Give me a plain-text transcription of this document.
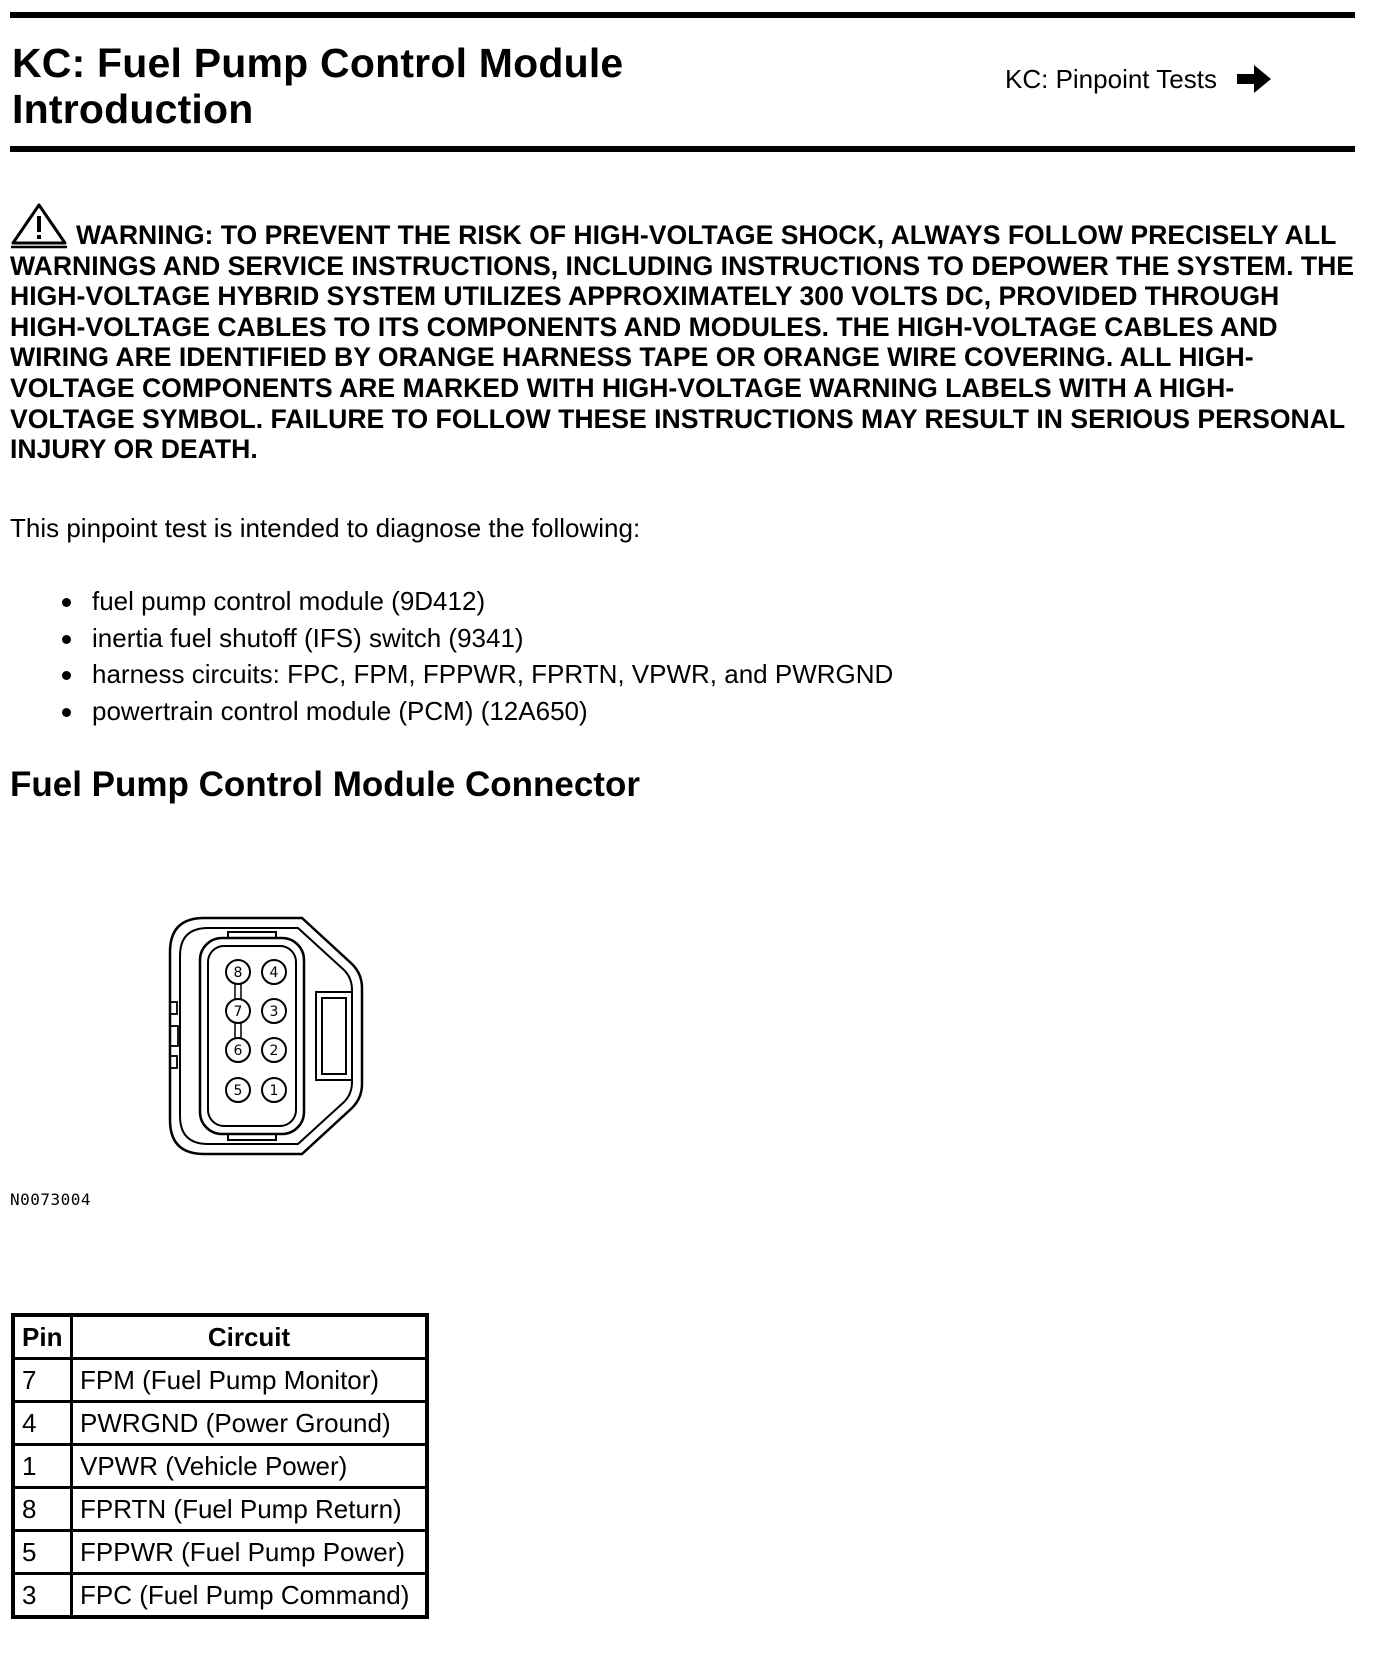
KC: Fuel Pump Control Module
Introduction
KC: Pinpoint Tests

WARNING: TO PREVENT THE RISK OF HIGH-VOLTAGE SHOCK, ALWAYS FOLLOW PRECISELY ALL WARNINGS AND SERVICE INSTRUCTIONS, INCLUDING INSTRUCTIONS TO DEPOWER THE SYSTEM. THE HIGH-VOLTAGE HYBRID SYSTEM UTILIZES APPROXIMATELY 300 VOLTS DC, PROVIDED THROUGH HIGH-VOLTAGE CABLES TO ITS COMPONENTS AND MODULES. THE HIGH-VOLTAGE CABLES AND WIRING ARE IDENTIFIED BY ORANGE HARNESS TAPE OR ORANGE WIRE COVERING. ALL HIGH-VOLTAGE COMPONENTS ARE MARKED WITH HIGH-VOLTAGE WARNING LABELS WITH A HIGH-VOLTAGE SYMBOL. FAILURE TO FOLLOW THESE INSTRUCTIONS MAY RESULT IN SERIOUS PERSONAL INJURY OR DEATH.

This pinpoint test is intended to diagnose the following:

fuel pump control module (9D412)
inertia fuel shutoff (IFS) switch (9341)
harness circuits: FPC, FPM, FPPWR, FPRTN, VPWR, and PWRGND
powertrain control module (PCM) (12A650)
Fuel Pump Control Module Connector
8 4
7 3
6 2
5 1
N0073004
Pin	Circuit
7	FPM (Fuel Pump Monitor)
4	PWRGND (Power Ground)
1	VPWR (Vehicle Power)
8	FPRTN (Fuel Pump Return)
5	FPPWR (Fuel Pump Power)
3	FPC (Fuel Pump Command)
